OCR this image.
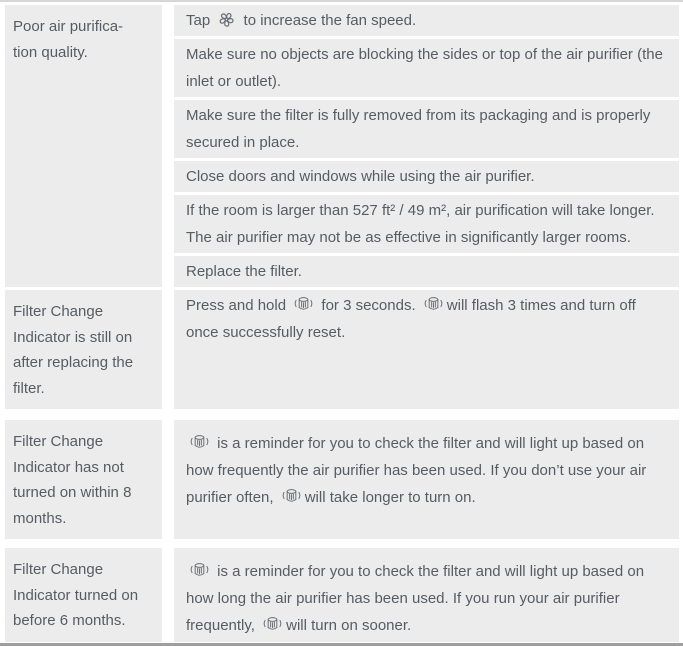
Poor air purifica-
tion quality.

Tap  to increase the fan speed.

Make sure no objects are blocking the sides or top of the air purifier (the inlet or outlet).

Make sure the filter is fully removed from its packaging and is properly secured in place.

Close doors and windows while using the air purifier.

If the room is larger than 527 ft² / 49 m², air purification will take longer. The air purifier may not be as effective in significantly larger rooms.

Replace the filter.

Filter Change
Indicator is still on
after replacing the
filter.

Press and hold  for 3 seconds. will flash 3 times and turn off once successfully reset.

Filter Change
Indicator has not
turned on within 8
months.

is a reminder for you to check the filter and will light up based on how frequently the air purifier has been used. If you don’t use your air purifier often, will take longer to turn on.

Filter Change
Indicator turned on
before 6 months.

is a reminder for you to check the filter and will light up based on how long the air purifier has been used. If you run your air purifier frequently, will turn on sooner.
